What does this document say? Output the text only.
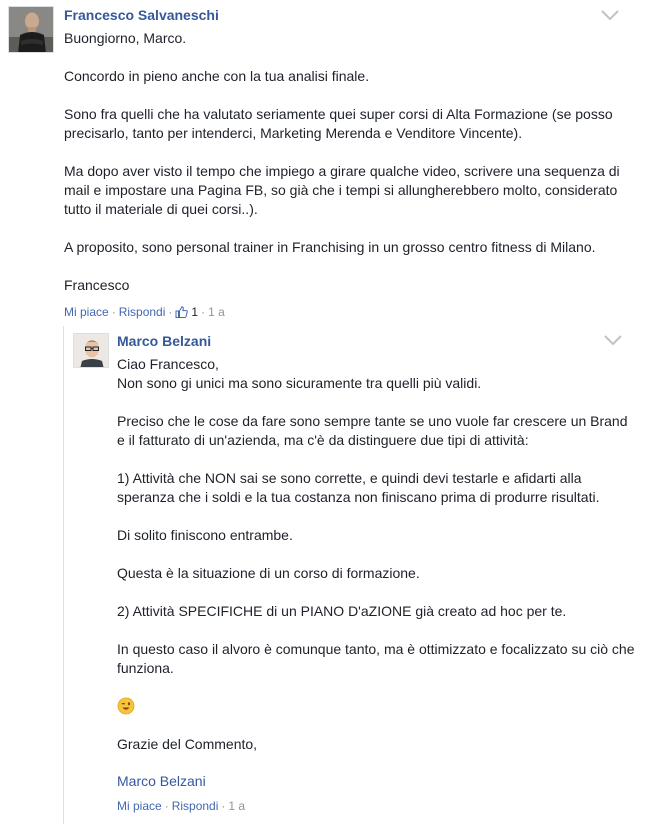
Francesco Salvaneschi

Buongiorno, Marco.

Concordo in pieno anche con la tua analisi finale.

Sono fra quelli che ha valutato seriamente quei super corsi di Alta Formazione (se posso precisarlo, tanto per intenderci, Marketing Merenda e Venditore Vincente).

Ma dopo aver visto il tempo che impiego a girare qualche video, scrivere una sequenza di mail e impostare una Pagina FB, so già che i tempi si allungherebbero molto, considerato tutto il materiale di quei corsi..).

A proposito, sono personal trainer in Franchising in un grosso centro fitness di Milano.

Francesco

Mi piace · Rispondi · 1 · 1 a
Marco Belzani

Ciao Francesco,

Non sono gi unici ma sono sicuramente tra quelli più validi.

Preciso che le cose da fare sono sempre tante se uno vuole far crescere un Brand e il fatturato di un'azienda, ma c'è da distinguere due tipi di attività:

1) Attività che NON sai se sono corrette, e quindi devi testarle e afidarti alla speranza che i soldi e la tua costanza non finiscano prima di produrre risultati.

Di solito finiscono entrambe.

Questa è la situazione di un corso di formazione.

2) Attività SPECIFICHE di un PIANO D'aZIONE già creato ad hoc per te.

In questo caso il alvoro è comunque tanto, ma è ottimizzato e focalizzato su ciò che funziona.

Grazie del Commento,

Marco Belzani
Mi piace · Rispondi · 1 a
